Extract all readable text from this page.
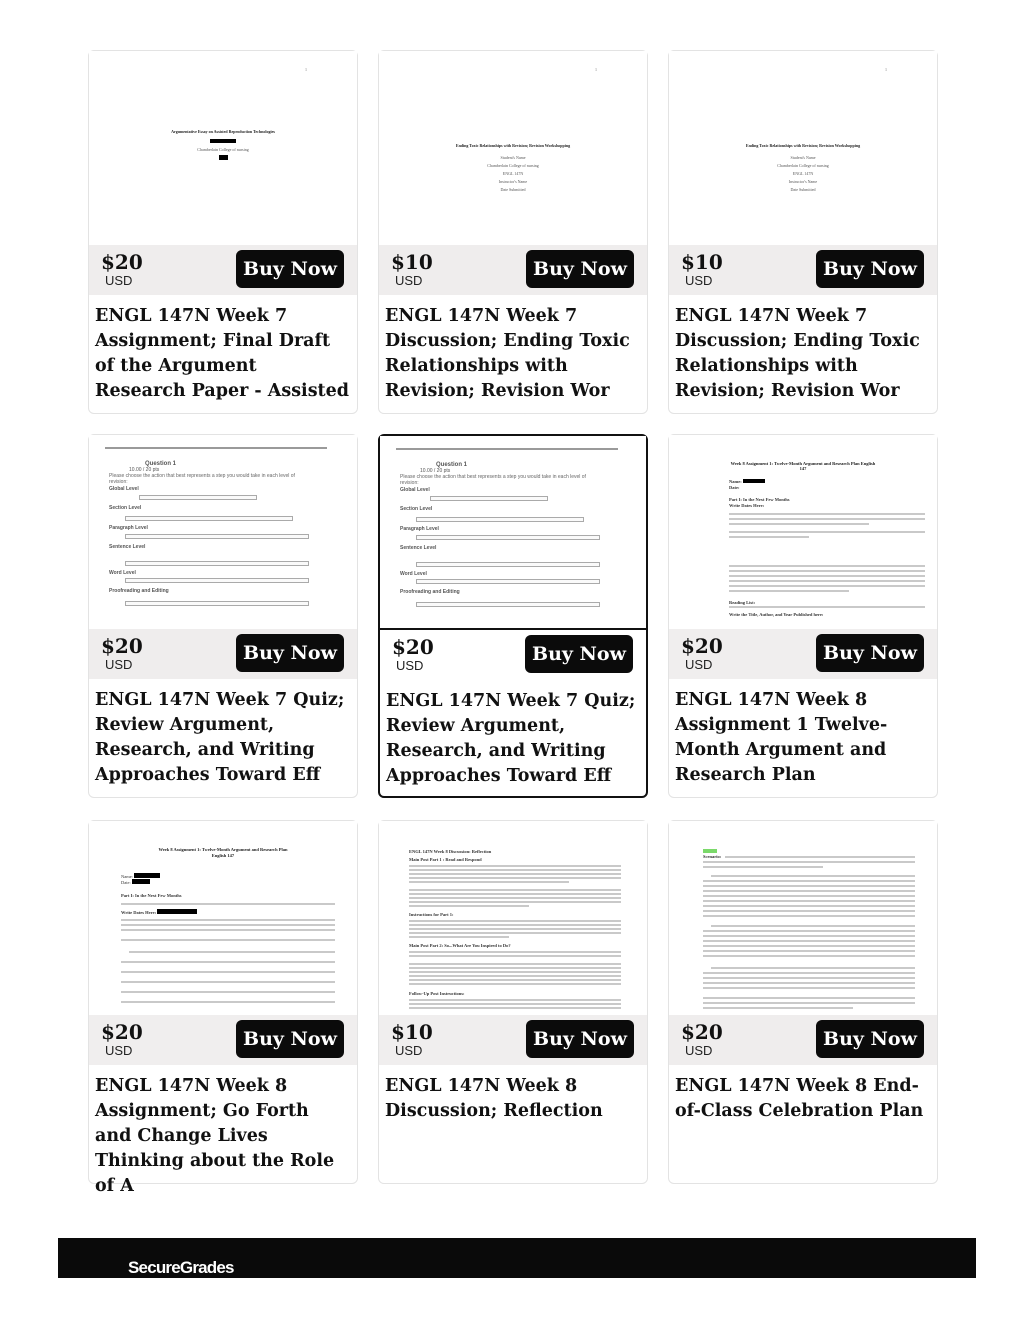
1
Argumentative Essay on Assisted Reproduction Technologies
Chamberlain College of nursing
$20
USD
Buy Now
ENGL 147N Week 7 Assignment; Final Draft of the Argument Research Paper - Assisted
1
Ending Toxic Relationships with Revision; Revision Workshopping
Student's Name
Chamberlain College of nursing
ENGL 147N
Instructor's Name
Date Submitted
$10
USD
Buy Now
ENGL 147N Week 7 Discussion; Ending Toxic Relationships with Revision; Revision Wor
1
Ending Toxic Relationships with Revision; Revision Workshopping
Student's Name
Chamberlain College of nursing
ENGL 147N
Instructor's Name
Date Submitted
$10
USD
Buy Now
ENGL 147N Week 7 Discussion; Ending Toxic Relationships with Revision; Revision Wor
Question 1
10.00 / 20 pts
Please choose the action that best represents a step you would take in each level of revision:
Global Level
Section Level
Paragraph Level
Sentence Level
Word Level
Proofreading and Editing
$20
USD
Buy Now
ENGL 147N Week 7 Quiz; Review Argument, Research, and Writing Approaches Toward Eff
Question 1
10.00 / 20 pts
Please choose the action that best represents a step you would take in each level of revision:
Global Level
Section Level
Paragraph Level
Sentence Level
Word Level
Proofreading and Editing
$20
USD
Buy Now
ENGL 147N Week 7 Quiz; Review Argument, Research, and Writing Approaches Toward Eff
Week 8 Assignment 1: Twelve-Month Argument and Research Plan English 147
Name:
Date:
Part I: In the Next Few Months
Write Dates Here:
Reading List:
Write the Title, Author, and Year Published here:
$20
USD
Buy Now
ENGL 147N Week 8 Assignment 1 Twelve-Month Argument and Research Plan
Week 8 Assignment 1: Twelve-Month Argument and Research Plan
English 147
Name:
Date:
Part I: In the Next Few Months
Write Dates Here:
$20
USD
Buy Now
ENGL 147N Week 8 Assignment; Go Forth and Change Lives Thinking about the Role of A
ENGL 147N Week 8 Discussion: Reflection
Main Post Part 1 : Read and Respond
Instructions for Part 1:
Main Post Part 2: So...What Are You Inspired to Do?
Follow-Up Post Instructions:
$10
USD
Buy Now
ENGL 147N Week 8 Discussion; Reflection
Scenario:
$20
USD
Buy Now
ENGL 147N Week 8 End-of-Class Celebration Plan
SecureGrades
